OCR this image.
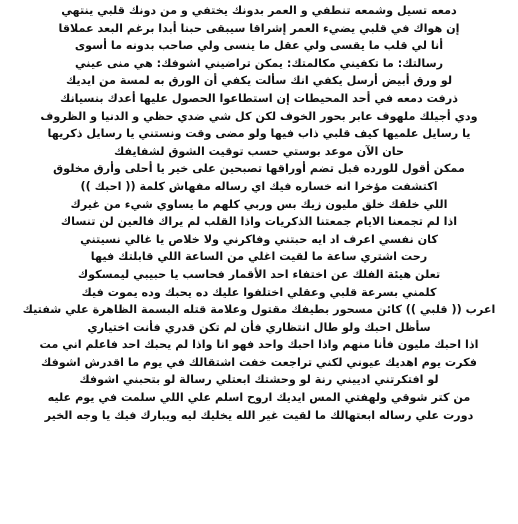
دمعه تسيل وشمعه تنطفي و العمر بدونك يختفي و من دونك قلبي ينتهي
إن هواك في قلبي يضيء العمر إشراقا سيبقى حبنا أبدا برغم البعد عملاقا
أنا لي قلب ما يقسى ولي عقل ما ينسى ولي صاحب بدونه ما أسوى
رسالتك: ما تكفيني مكالمتك: يمكن تراضيني اشوفك: هي منى عيني
لو ورق أبيض أرسل يكفي انك سألت يكفي أن الورق به لمسة من ايديك
ذرفت دمعه في أحد المحيطات إن استطاعوا الحصول عليها أعدك بنسيانك
ودي أجيلك ملهوف عابر بحور الخوف لكن كل شي ضدي حظي و الدنيا و الظروف
يا رسايل علميها كيف قلبي ذاب فيها ولو مضى وقت ونستني يا رسايل ذكريها
حان الآن موعد بوستي حسب توقيت الشوق لشفايفك
ممكن أقول للورده قبل تضم أوراقها تصبحين على خير يا أحلى وأرق مخلوق
اكتشفت مؤخرا انه خساره فيك اي رساله مفهاش كلمة (( احبك ))
اللي خلقك خلق مليون زيك بس وربي كلهم ما يساوي شيء من غيرك
اذا لم تجمعنا الايام جمعتنا الذكريات واذا القلب لم يراك فالعين لن تنساك
كان نفسي اعرف اد ايه حبتني وفاكرني ولا خلاص يا غالي نسيتني
رحت اشتري ساعة ما لقيت اغلي من الساعة اللي قابلتك فيها
تعلن هيئة الفلك عن اختفاء احد الأقمار فحاسب يا حبيبي ليمسكوك
كلمني بسرعة قلبي وعقلي اختلفوا عليك ده يحبك وده يموت فيك
اعرب (( قلبي )) كائن مسحور بطيفك مقتول وعلامة قتله البسمة الظاهرة علي شفتيك
سأظل احبك ولو طال انتظاري فأن لم تكن قدري فأنت اختياري
اذا احبك مليون فأنا منهم واذا احبك واحد فهو انا واذا لم يحبك احد فاعلم اني مت
فكرت يوم اهديك عيوني لكني تراجعت خفت اشتقالك في يوم ما اقدرش اشوفك
لو افتكرتني ادييني رنة لو وحشتك ابعتلي رسالة لو بتحبني اشوفك
من كتر شوقي ولهفتي المس ايديك اروح اسلم علي اللي سلمت في يوم عليه
دورت علي رساله ابعتهالك ما لقيت غير الله يخليك ليه ويبارك فيك يا وجه الخير
